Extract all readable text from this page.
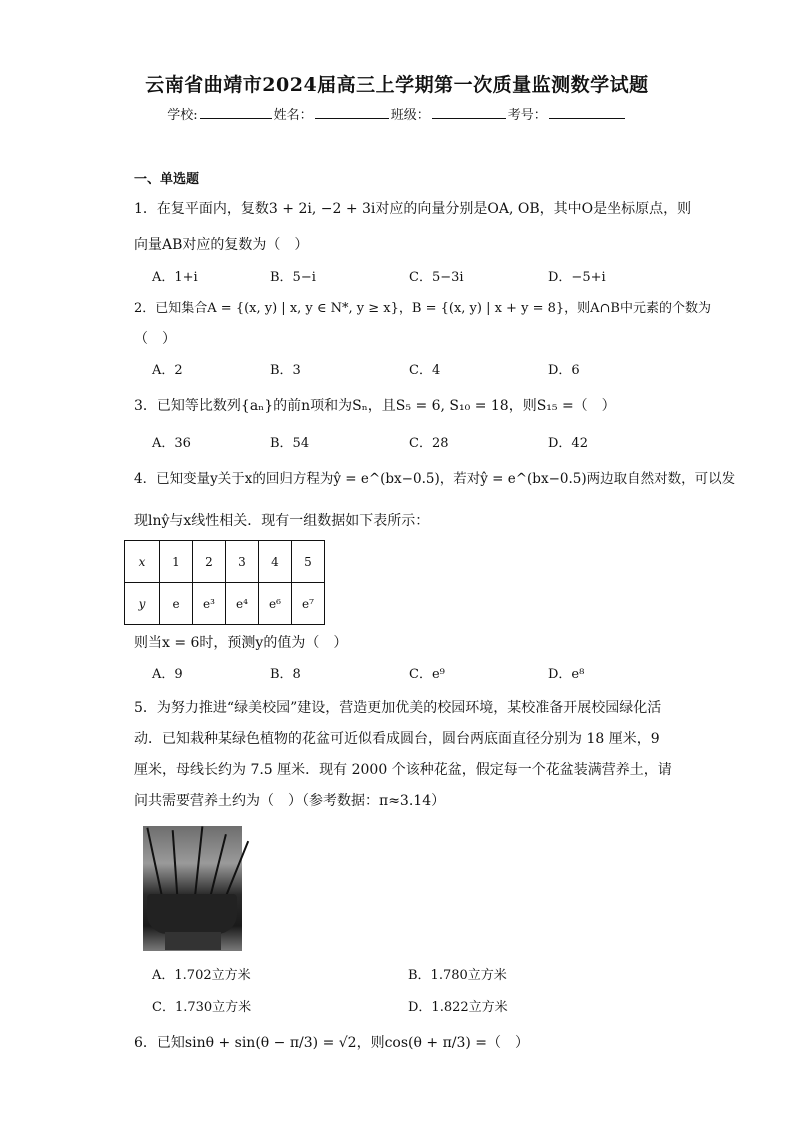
云南省曲靖市2024届高三上学期第一次质量监测数学试题
学校:	姓名：	班级：	考号：
一、单选题
1．在复平面内，复数3 + 2i, −2 + 3i对应的向量分别是OA, OB，其中O是坐标原点，则
向量AB对应的复数为（　）
A．1+i	B．5−i	C．5−3i	D．−5+i
2．已知集合A = {(x, y) | x, y ∈ N*, y ≥ x}，B = {(x, y) | x + y = 8}，则A∩B中元素的个数为
（　）
A．2	B．3	C．4	D．6
3．已知等比数列{aₙ}的前n项和为Sₙ，且S₅ = 6, S₁₀ = 18，则S₁₅ =（　）
A．36	B．54	C．28	D．42
4．已知变量y关于x的回归方程为ŷ = e^(bx−0.5)，若对ŷ = e^(bx−0.5)两边取自然对数，可以发
现lnŷ与x线性相关．现有一组数据如下表所示：
x	1	2	3	4	5
y	e	e³	e⁴	e⁶	e⁷
则当x = 6时，预测y的值为（　）
A．9	B．8	C．e⁹	D．e⁸
5．为努力推进“绿美校园”建设，营造更加优美的校园环境，某校准备开展校园绿化活
动．已知栽种某绿色植物的花盆可近似看成圆台，圆台两底面直径分别为 18 厘米，9
厘米，母线长约为 7.5 厘米．现有 2000 个该种花盆，假定每一个花盆装满营养土，请
问共需要营养土约为（　）（参考数据：π≈3.14）
A．1.702立方米	B．1.780立方米
C．1.730立方米	D．1.822立方米
6．已知sinθ + sin(θ − π/3) = √2，则cos(θ + π/3) =（　）
